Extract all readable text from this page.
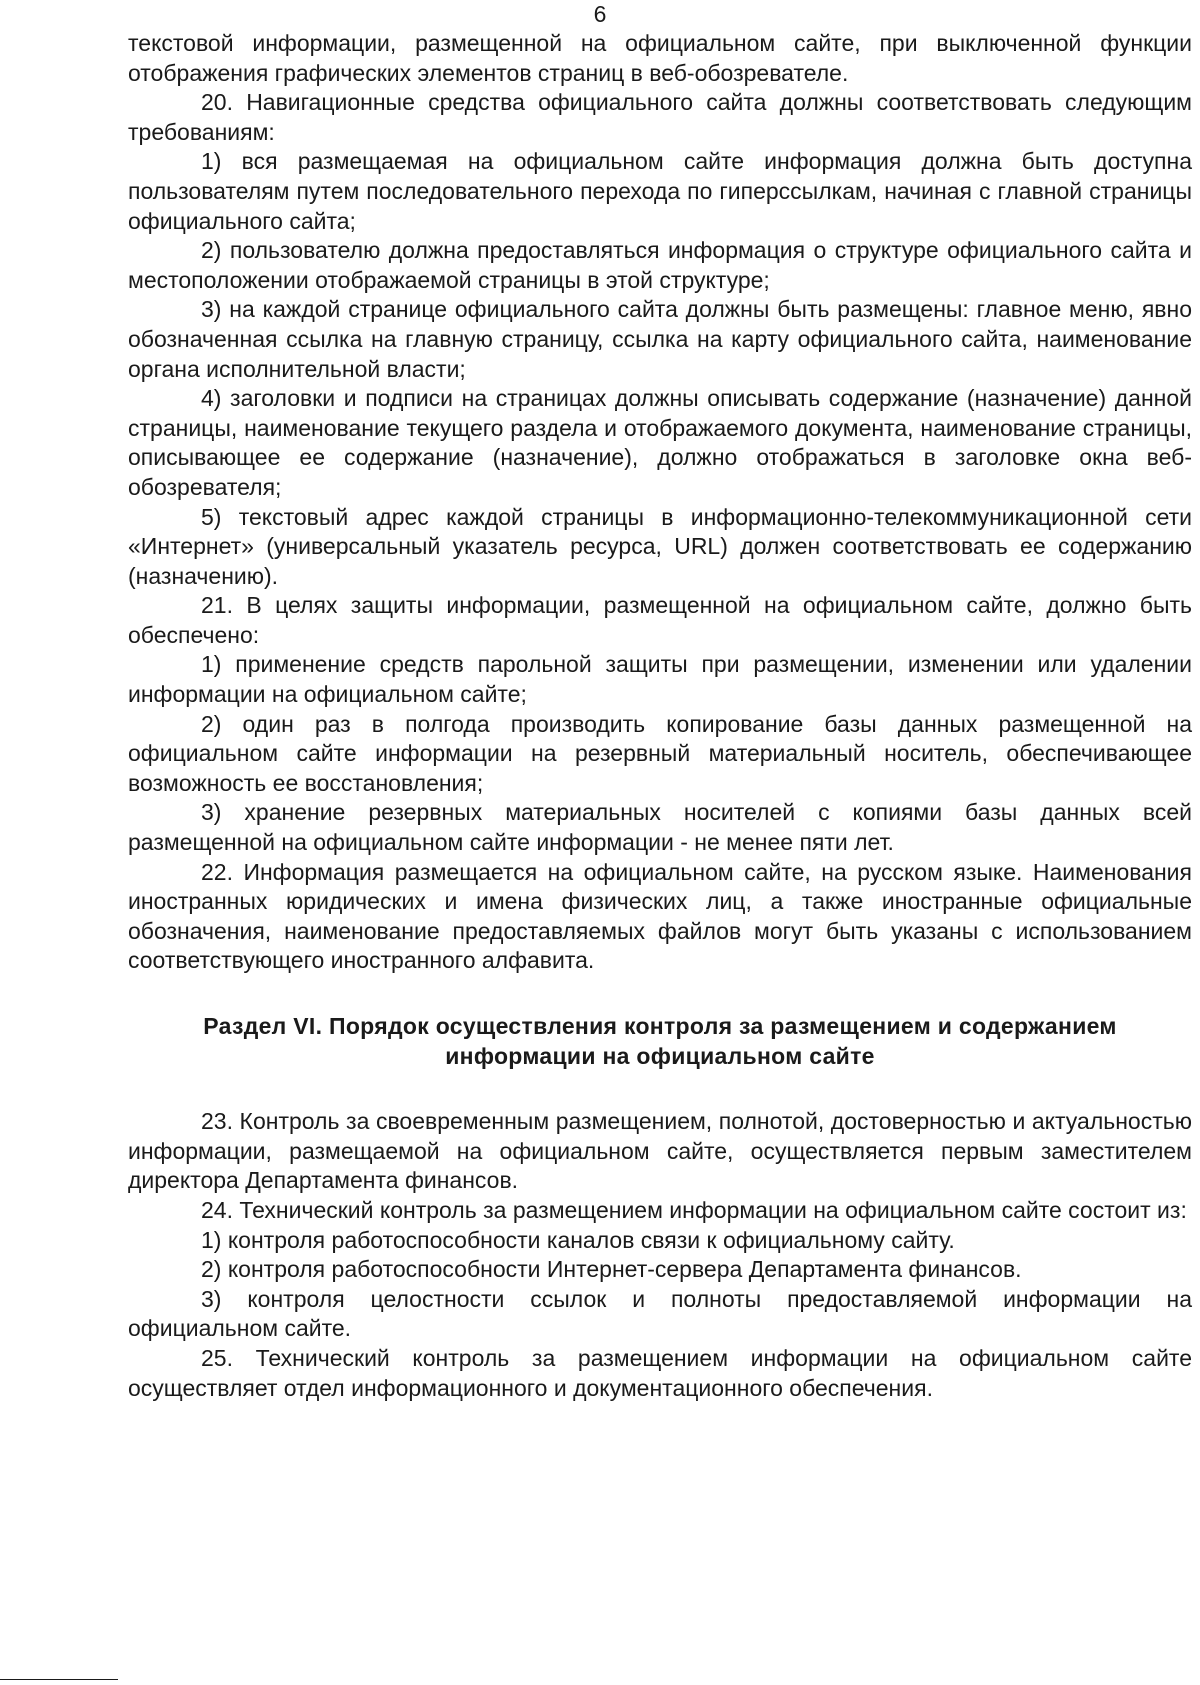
6

текстовой информации, размещенной на официальном сайте, при выключенной функции отображения графических элементов страниц в веб-обозревателе.

20. Навигационные средства официального сайта должны соответствовать следующим требованиям:

1) вся размещаемая на официальном сайте информация должна быть доступна пользователям путем последовательного перехода по гиперссылкам, начиная с главной страницы официального сайта;

2) пользователю должна предоставляться информация о структуре официального сайта и местоположении отображаемой страницы в этой структуре;

3) на каждой странице официального сайта должны быть размещены: главное меню, явно обозначенная ссылка на главную страницу, ссылка на карту официального сайта, наименование органа исполнительной власти;

4) заголовки и подписи на страницах должны описывать содержание (назначение) данной страницы, наименование текущего раздела и отображаемого документа, наименование страницы, описывающее ее содержание (назначение), должно отображаться в заголовке окна веб-обозревателя;

5) текстовый адрес каждой страницы в информационно-телекоммуникационной сети «Интернет» (универсальный указатель ресурса, URL) должен соответствовать ее содержанию (назначению).

21. В целях защиты информации, размещенной на официальном сайте, должно быть обеспечено:

1) применение средств парольной защиты при размещении, изменении или удалении информации на официальном сайте;

2) один раз в полгода производить копирование базы данных размещенной на официальном сайте информации на резервный материальный носитель, обеспечивающее возможность ее восстановления;

3) хранение резервных материальных носителей с копиями базы данных всей размещенной на официальном сайте информации - не менее пяти лет.

22. Информация размещается на официальном сайте, на русском языке. Наименования иностранных юридических и имена физических лиц, а также иностранные официальные обозначения, наименование предоставляемых файлов могут быть указаны с использованием соответствующего иностранного алфавита.

Раздел VI. Порядок осуществления контроля за размещением и содержанием
информации на официальном сайте

23. Контроль за своевременным размещением, полнотой, достоверностью и актуальностью информации, размещаемой на официальном сайте, осуществляется первым заместителем директора Департамента финансов.

24. Технический контроль за размещением информации на официальном сайте состоит из:

1) контроля работоспособности каналов связи к официальному сайту.

2) контроля работоспособности Интернет-сервера Департамента финансов.

3) контроля целостности ссылок и полноты предоставляемой информации на официальном сайте.

25. Технический контроль за размещением информации на официальном сайте осуществляет отдел информационного и документационного обеспечения.
